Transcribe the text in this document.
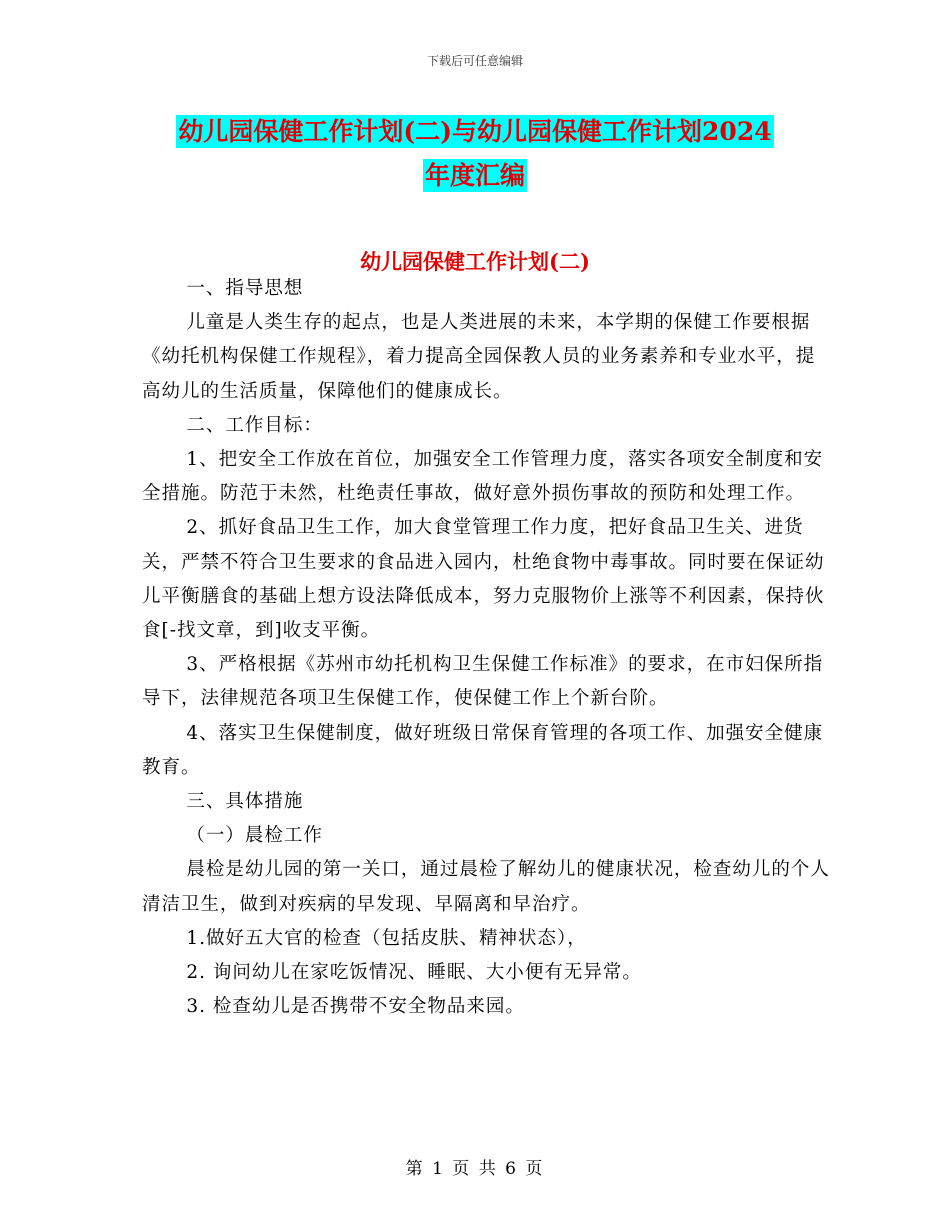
下载后可任意编辑
幼儿园保健工作计划(二)与幼儿园保健工作计划2024
年度汇编
幼儿园保健工作计划(二)

一、指导思想

儿童是人类生存的起点，也是人类进展的未来，本学期的保健工作要根据《幼托机构保健工作规程》，着力提高全园保教人员的业务素养和专业水平，提高幼儿的生活质量，保障他们的健康成长。

二、工作目标：

1、把安全工作放在首位，加强安全工作管理力度，落实各项安全制度和安全措施。防范于未然，杜绝责任事故，做好意外损伤事故的预防和处理工作。

2、抓好食品卫生工作，加大食堂管理工作力度，把好食品卫生关、进货关，严禁不符合卫生要求的食品进入园内，杜绝食物中毒事故。同时要在保证幼儿平衡膳食的基础上想方设法降低成本，努力克服物价上涨等不利因素，保持伙食[-找文章，到]收支平衡。

3、严格根据《苏州市幼托机构卫生保健工作标准》的要求，在市妇保所指导下，法律规范各项卫生保健工作，使保健工作上个新台阶。

4、落实卫生保健制度，做好班级日常保育管理的各项工作、加强安全健康教育。

三、具体措施

（一）晨检工作

晨检是幼儿园的第一关口，通过晨检了解幼儿的健康状况，检查幼儿的个人清洁卫生，做到对疾病的早发现、早隔离和早治疗。

1.做好五大官的检查（包括皮肤、精神状态），

2. 询问幼儿在家吃饭情况、睡眠、大小便有无异常。

3. 检查幼儿是否携带不安全物品来园。

第 1 页 共 6 页
